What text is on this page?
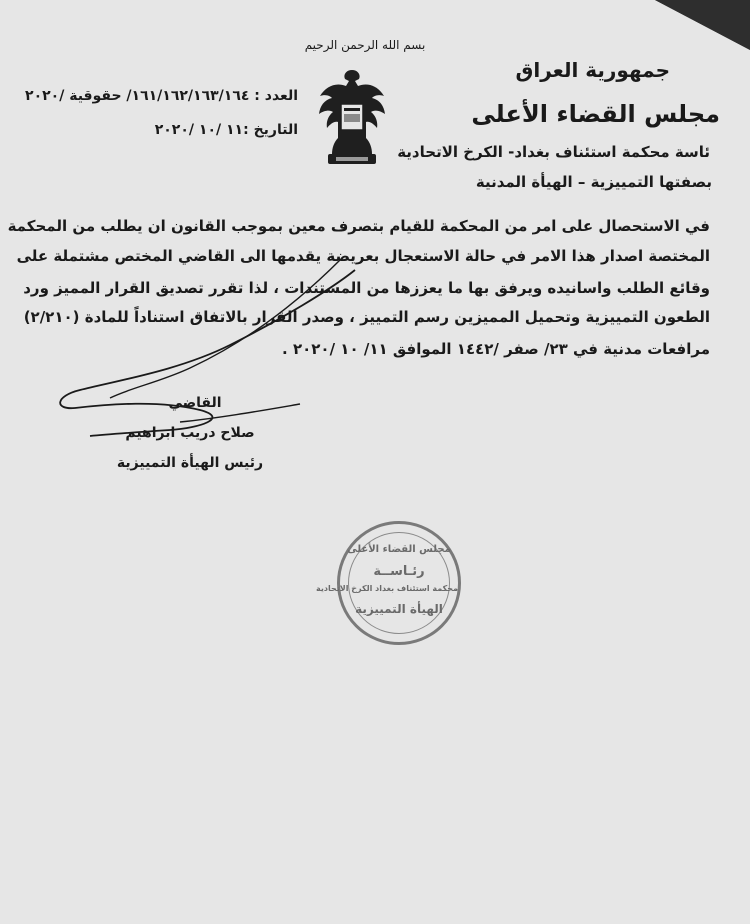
بسم الله الرحمن الرحيم
جمهورية العراق
مجلس القضاء الأعلى
ئاسة محكمة استئناف بغداد- الكرخ الاتحادية
بصفتها التمييزية – الهيأة المدنية
العدد : ١٦١/١٦٢/١٦٣/١٦٤/ حقوقية /٢٠٢٠
التاريخ :١١ /١٠ /٢٠٢٠
في الاستحصال على امر من المحكمة للقيام بتصرف معين بموجب القانون ان يطلب من المحكمة
المختصة اصدار هذا الامر في حالة الاستعجال بعريضة يقدمها الى القاضي المختص مشتملة على
وقائع الطلب واسانيده ويرفق بها ما يعززها من المستندات ، لذا تقرر تصديق القرار المميز ورد
الطعون التمييزية وتحميل المميزين رسم التمييز ، وصدر القرار بالاتفاق استناداً للمادة (٢/٢١٠)
مرافعات مدنية في ٢٣/ صفر /١٤٤٢ الموافق ١١/ ١٠ /٢٠٢٠ .
القاضي
صلاح دريب ابراهيم
رئيس الهيأة التمييزية
مجلس القضاء الأعلى
رئـاســة
محكمة استئناف بغداد الكرخ الاتحادية
الهيأة التمييزية
